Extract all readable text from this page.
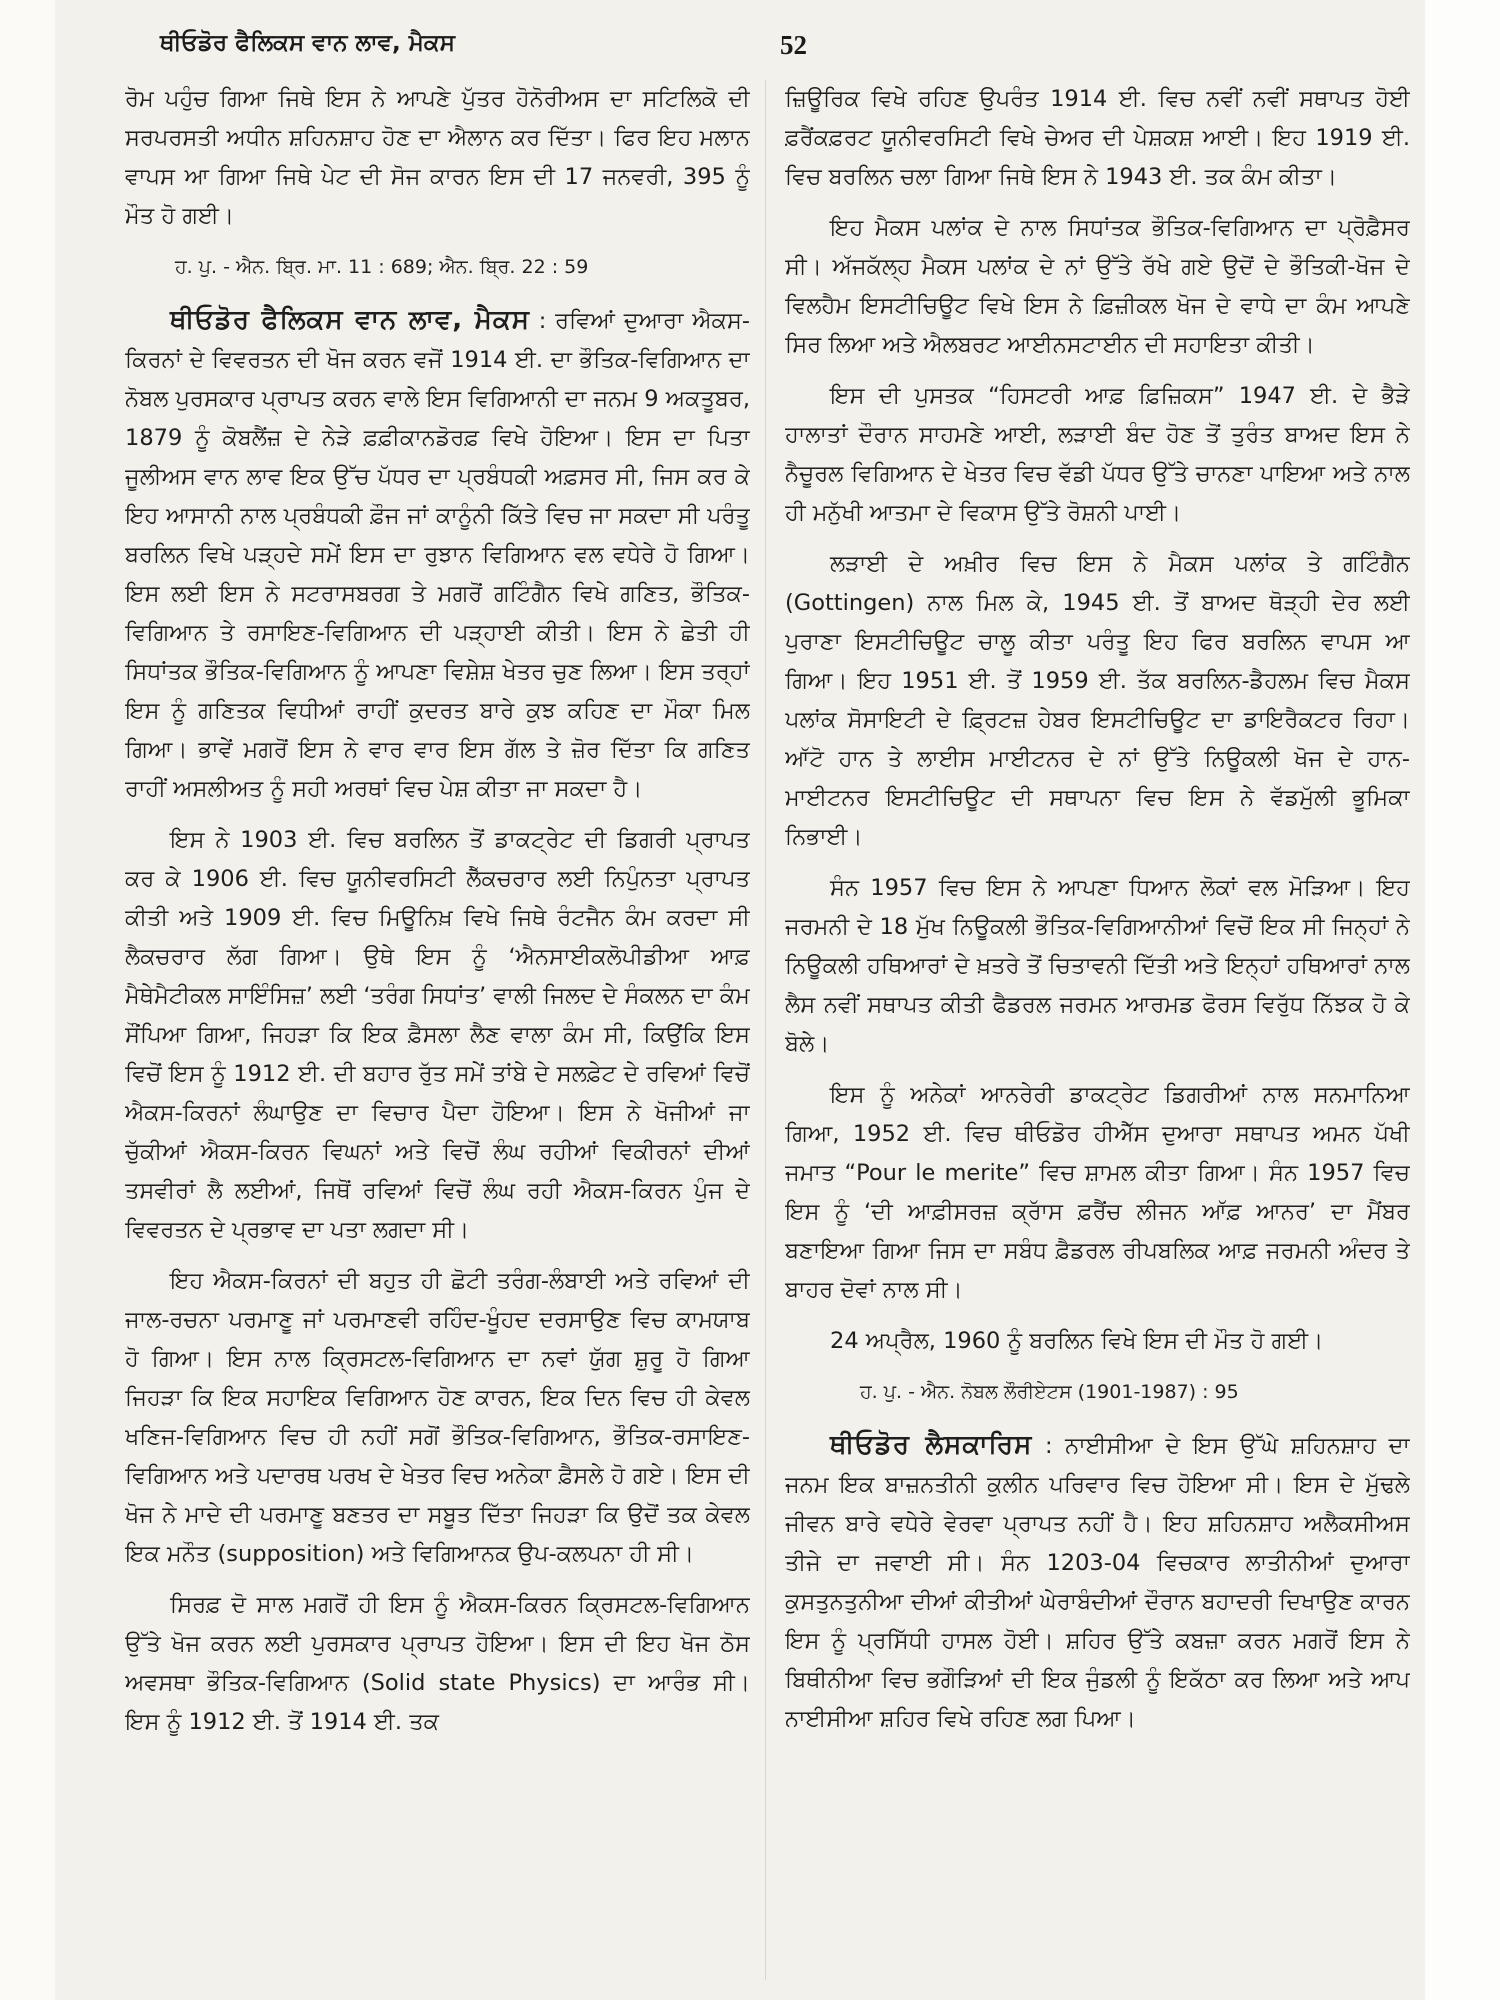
ਥੀਓਡੋਰ ਫੈਲਿਕਸ ਵਾਨ ਲਾਵ, ਮੈਕਸ	52

ਰੋਮ ਪਹੁੰਚ ਗਿਆ ਜਿਥੇ ਇਸ ਨੇ ਆਪਣੇ ਪੁੱਤਰ ਹੋਨੋਰੀਅਸ ਦਾ ਸਟਿਲਿਕੋ ਦੀ ਸਰਪਰਸਤੀ ਅਧੀਨ ਸ਼ਹਿਨਸ਼ਾਹ ਹੋਣ ਦਾ ਐਲਾਨ ਕਰ ਦਿੱਤਾ। ਫਿਰ ਇਹ ਮਲਾਨ ਵਾਪਸ ਆ ਗਿਆ ਜਿਥੇ ਪੇਟ ਦੀ ਸੋਜ ਕਾਰਨ ਇਸ ਦੀ 17 ਜਨਵਰੀ, 395 ਨੂੰ ਮੌਤ ਹੋ ਗਈ।

ਹ. ਪੁ. - ਐਨ. ਬ੍ਰਿ. ਮਾ. 11 : 689; ਐਨ. ਬ੍ਰਿ. 22 : 59

ਥੀਓਡੋਰ ਫੈਲਿਕਸ ਵਾਨ ਲਾਵ, ਮੈਕਸ : ਰਵਿਆਂ ਦੁਆਰਾ ਐਕਸ-ਕਿਰਨਾਂ ਦੇ ਵਿਵਰਤਨ ਦੀ ਖੋਜ ਕਰਨ ਵਜੋਂ 1914 ਈ. ਦਾ ਭੌਤਿਕ-ਵਿਗਿਆਨ ਦਾ ਨੋਬਲ ਪੁਰਸਕਾਰ ਪ੍ਰਾਪਤ ਕਰਨ ਵਾਲੇ ਇਸ ਵਿਗਿਆਨੀ ਦਾ ਜਨਮ 9 ਅਕਤੂਬਰ, 1879 ਨੂੰ ਕੋਬਲੈਂਜ਼ ਦੇ ਨੇੜੇ ਫ਼ਫ਼ੀਕਾਨਡੋਰਫ਼ ਵਿਖੇ ਹੋਇਆ। ਇਸ ਦਾ ਪਿਤਾ ਜੂਲੀਅਸ ਵਾਨ ਲਾਵ ਇਕ ਉੱਚ ਪੱਧਰ ਦਾ ਪ੍ਰਬੰਧਕੀ ਅਫ਼ਸਰ ਸੀ, ਜਿਸ ਕਰ ਕੇ ਇਹ ਆਸਾਨੀ ਨਾਲ ਪ੍ਰਬੰਧਕੀ ਫ਼ੌਜ ਜਾਂ ਕਾਨੂੰਨੀ ਕਿੱਤੇ ਵਿਚ ਜਾ ਸਕਦਾ ਸੀ ਪਰੰਤੂ ਬਰਲਿਨ ਵਿਖੇ ਪੜ੍ਹਦੇ ਸਮੇਂ ਇਸ ਦਾ ਰੁਝਾਨ ਵਿਗਿਆਨ ਵਲ ਵਧੇਰੇ ਹੋ ਗਿਆ। ਇਸ ਲਈ ਇਸ ਨੇ ਸਟਰਾਸਬਰਗ ਤੇ ਮਗਰੋਂ ਗਟਿੰਗੈਨ ਵਿਖੇ ਗਣਿਤ, ਭੌਤਿਕ-ਵਿਗਿਆਨ ਤੇ ਰਸਾਇਣ-ਵਿਗਿਆਨ ਦੀ ਪੜ੍ਹਾਈ ਕੀਤੀ। ਇਸ ਨੇ ਛੇਤੀ ਹੀ ਸਿਧਾਂਤਕ ਭੌਤਿਕ-ਵਿਗਿਆਨ ਨੂੰ ਆਪਣਾ ਵਿਸ਼ੇਸ਼ ਖੇਤਰ ਚੁਣ ਲਿਆ। ਇਸ ਤਰ੍ਹਾਂ ਇਸ ਨੂੰ ਗਣਿਤਕ ਵਿਧੀਆਂ ਰਾਹੀਂ ਕੁਦਰਤ ਬਾਰੇ ਕੁਝ ਕਹਿਣ ਦਾ ਮੌਕਾ ਮਿਲ ਗਿਆ। ਭਾਵੇਂ ਮਗਰੋਂ ਇਸ ਨੇ ਵਾਰ ਵਾਰ ਇਸ ਗੱਲ ਤੇ ਜ਼ੋਰ ਦਿੱਤਾ ਕਿ ਗਣਿਤ ਰਾਹੀਂ ਅਸਲੀਅਤ ਨੂੰ ਸਹੀ ਅਰਥਾਂ ਵਿਚ ਪੇਸ਼ ਕੀਤਾ ਜਾ ਸਕਦਾ ਹੈ।

ਇਸ ਨੇ 1903 ਈ. ਵਿਚ ਬਰਲਿਨ ਤੋਂ ਡਾਕਟ੍ਰੇਟ ਦੀ ਡਿਗਰੀ ਪ੍ਰਾਪਤ ਕਰ ਕੇ 1906 ਈ. ਵਿਚ ਯੂਨੀਵਰਸਿਟੀ ਲੈੱਕਚਰਾਰ ਲਈ ਨਿਪੁੰਨਤਾ ਪ੍ਰਾਪਤ ਕੀਤੀ ਅਤੇ 1909 ਈ. ਵਿਚ ਮਿਊਨਿਖ਼ ਵਿਖੇ ਜਿਥੇ ਰੰਟਜੈਨ ਕੰਮ ਕਰਦਾ ਸੀ ਲੈਕਚਰਾਰ ਲੱਗ ਗਿਆ। ਉਥੇ ਇਸ ਨੂੰ ‘ਐਨਸਾਈਕਲੋਪੀਡੀਆ ਆਫ਼ ਮੈਥੇਮੈਟੀਕਲ ਸਾਇੰਸਿਜ਼’ ਲਈ ‘ਤਰੰਗ ਸਿਧਾਂਤ’ ਵਾਲੀ ਜਿਲਦ ਦੇ ਸੰਕਲਨ ਦਾ ਕੰਮ ਸੌਂਪਿਆ ਗਿਆ, ਜਿਹੜਾ ਕਿ ਇਕ ਫ਼ੈਸਲਾ ਲੈਣ ਵਾਲਾ ਕੰਮ ਸੀ, ਕਿਉਂਕਿ ਇਸ ਵਿਚੋਂ ਇਸ ਨੂੰ 1912 ਈ. ਦੀ ਬਹਾਰ ਰੁੱਤ ਸਮੇਂ ਤਾਂਬੇ ਦੇ ਸਲਫ਼ੇਟ ਦੇ ਰਵਿਆਂ ਵਿਚੋਂ ਐਕਸ-ਕਿਰਨਾਂ ਲੰਘਾਉਣ ਦਾ ਵਿਚਾਰ ਪੈਦਾ ਹੋਇਆ। ਇਸ ਨੇ ਖੋਜੀਆਂ ਜਾ ਚੁੱਕੀਆਂ ਐਕਸ-ਕਿਰਨ ਵਿਘਨਾਂ ਅਤੇ ਵਿਚੋਂ ਲੰਘ ਰਹੀਆਂ ਵਿਕੀਰਨਾਂ ਦੀਆਂ ਤਸਵੀਰਾਂ ਲੈ ਲਈਆਂ, ਜਿਥੋਂ ਰਵਿਆਂ ਵਿਚੋਂ ਲੰਘ ਰਹੀ ਐਕਸ-ਕਿਰਨ ਪੁੰਜ ਦੇ ਵਿਵਰਤਨ ਦੇ ਪ੍ਰਭਾਵ ਦਾ ਪਤਾ ਲਗਦਾ ਸੀ।

ਇਹ ਐਕਸ-ਕਿਰਨਾਂ ਦੀ ਬਹੁਤ ਹੀ ਛੋਟੀ ਤਰੰਗ-ਲੰਬਾਈ ਅਤੇ ਰਵਿਆਂ ਦੀ ਜਾਲ-ਰਚਨਾ ਪਰਮਾਣੂ ਜਾਂ ਪਰਮਾਣਵੀ ਰਹਿੰਦ-ਖੂੰਹਦ ਦਰਸਾਉਣ ਵਿਚ ਕਾਮਯਾਬ ਹੋ ਗਿਆ। ਇਸ ਨਾਲ ਕ੍ਰਿਸਟਲ-ਵਿਗਿਆਨ ਦਾ ਨਵਾਂ ਯੁੱਗ ਸ਼ੁਰੂ ਹੋ ਗਿਆ ਜਿਹੜਾ ਕਿ ਇਕ ਸਹਾਇਕ ਵਿਗਿਆਨ ਹੋਣ ਕਾਰਨ, ਇਕ ਦਿਨ ਵਿਚ ਹੀ ਕੇਵਲ ਖਣਿਜ-ਵਿਗਿਆਨ ਵਿਚ ਹੀ ਨਹੀਂ ਸਗੋਂ ਭੌਤਿਕ-ਵਿਗਿਆਨ, ਭੌਤਿਕ-ਰਸਾਇਣ-ਵਿਗਿਆਨ ਅਤੇ ਪਦਾਰਥ ਪਰਖ ਦੇ ਖੇਤਰ ਵਿਚ ਅਨੇਕਾ ਫ਼ੈਸਲੇ ਹੋ ਗਏ। ਇਸ ਦੀ ਖੋਜ ਨੇ ਮਾਦੇ ਦੀ ਪਰਮਾਣੂ ਬਣਤਰ ਦਾ ਸਬੂਤ ਦਿੱਤਾ ਜਿਹੜਾ ਕਿ ਉਦੋਂ ਤਕ ਕੇਵਲ ਇਕ ਮਨੌਤ (supposition) ਅਤੇ ਵਿਗਿਆਨਕ ਉਪ-ਕਲਪਨਾ ਹੀ ਸੀ।

ਸਿਰਫ਼ ਦੋ ਸਾਲ ਮਗਰੋਂ ਹੀ ਇਸ ਨੂੰ ਐਕਸ-ਕਿਰਨ ਕ੍ਰਿਸਟਲ-ਵਿਗਿਆਨ ਉੱਤੇ ਖੋਜ ਕਰਨ ਲਈ ਪੁਰਸਕਾਰ ਪ੍ਰਾਪਤ ਹੋਇਆ। ਇਸ ਦੀ ਇਹ ਖੋਜ ਠੋਸ ਅਵਸਥਾ ਭੌਤਿਕ-ਵਿਗਿਆਨ (Solid state Physics) ਦਾ ਆਰੰਭ ਸੀ। ਇਸ ਨੂੰ 1912 ਈ. ਤੋਂ 1914 ਈ. ਤਕ

ਜ਼ਿਊਰਿਕ ਵਿਖੇ ਰਹਿਣ ਉਪਰੰਤ 1914 ਈ. ਵਿਚ ਨਵੀਂ ਨਵੀਂ ਸਥਾਪਤ ਹੋਈ ਫ਼ਰੈਂਕਫ਼ਰਟ ਯੂਨੀਵਰਸਿਟੀ ਵਿਖੇ ਚੇਅਰ ਦੀ ਪੇਸ਼ਕਸ਼ ਆਈ। ਇਹ 1919 ਈ. ਵਿਚ ਬਰਲਿਨ ਚਲਾ ਗਿਆ ਜਿਥੇ ਇਸ ਨੇ 1943 ਈ. ਤਕ ਕੰਮ ਕੀਤਾ।

ਇਹ ਮੈਕਸ ਪਲਾਂਕ ਦੇ ਨਾਲ ਸਿਧਾਂਤਕ ਭੌਤਿਕ-ਵਿਗਿਆਨ ਦਾ ਪ੍ਰੋਫ਼ੈਸਰ ਸੀ। ਅੱਜਕੱਲ੍ਹ ਮੈਕਸ ਪਲਾਂਕ ਦੇ ਨਾਂ ਉੱਤੇ ਰੱਖੇ ਗਏ ਉਦੋਂ ਦੇ ਭੌਤਿਕੀ-ਖੋਜ ਦੇ ਵਿਲਹੈਮ ਇਸਟੀਚਿਊਟ ਵਿਖੇ ਇਸ ਨੇ ਫ਼ਿਜ਼ੀਕਲ ਖੋਜ ਦੇ ਵਾਧੇ ਦਾ ਕੰਮ ਆਪਣੇ ਸਿਰ ਲਿਆ ਅਤੇ ਐਲਬਰਟ ਆਈਨਸਟਾਈਨ ਦੀ ਸਹਾਇਤਾ ਕੀਤੀ।

ਇਸ ਦੀ ਪੁਸਤਕ “ਹਿਸਟਰੀ ਆਫ਼ ਫ਼ਿਜ਼ਿਕਸ” 1947 ਈ. ਦੇ ਭੈੜੇ ਹਾਲਾਤਾਂ ਦੌਰਾਨ ਸਾਹਮਣੇ ਆਈ, ਲੜਾਈ ਬੰਦ ਹੋਣ ਤੋਂ ਤੁਰੰਤ ਬਾਅਦ ਇਸ ਨੇ ਨੈਚੂਰਲ ਵਿਗਿਆਨ ਦੇ ਖੇਤਰ ਵਿਚ ਵੱਡੀ ਪੱਧਰ ਉੱਤੇ ਚਾਨਣਾ ਪਾਇਆ ਅਤੇ ਨਾਲ ਹੀ ਮਨੁੱਖੀ ਆਤਮਾ ਦੇ ਵਿਕਾਸ ਉੱਤੇ ਰੋਸ਼ਨੀ ਪਾਈ।

ਲੜਾਈ ਦੇ ਅਖ਼ੀਰ ਵਿਚ ਇਸ ਨੇ ਮੈਕਸ ਪਲਾਂਕ ਤੇ ਗਟਿੰਗੈਨ (Gottingen) ਨਾਲ ਮਿਲ ਕੇ, 1945 ਈ. ਤੋਂ ਬਾਅਦ ਥੋੜ੍ਹੀ ਦੇਰ ਲਈ ਪੁਰਾਣਾ ਇਸਟੀਚਿਊਟ ਚਾਲੂ ਕੀਤਾ ਪਰੰਤੂ ਇਹ ਫਿਰ ਬਰਲਿਨ ਵਾਪਸ ਆ ਗਿਆ। ਇਹ 1951 ਈ. ਤੋਂ 1959 ਈ. ਤੱਕ ਬਰਲਿਨ-ਡੈਹਲਮ ਵਿਚ ਮੈਕਸ ਪਲਾਂਕ ਸੋਸਾਇਟੀ ਦੇ ਫ਼੍ਰਿਟਜ਼ ਹੇਬਰ ਇਸਟੀਚਿਊਟ ਦਾ ਡਾਇਰੈਕਟਰ ਰਿਹਾ। ਆੱਟੋ ਹਾਨ ਤੇ ਲਾਈਸ ਮਾਈਟਨਰ ਦੇ ਨਾਂ ਉੱਤੇ ਨਿਊਕਲੀ ਖੋਜ ਦੇ ਹਾਨ-ਮਾਈਟਨਰ ਇਸਟੀਚਿਊਟ ਦੀ ਸਥਾਪਨਾ ਵਿਚ ਇਸ ਨੇ ਵੱਡਮੁੱਲੀ ਭੂਮਿਕਾ ਨਿਭਾਈ।

ਸੰਨ 1957 ਵਿਚ ਇਸ ਨੇ ਆਪਣਾ ਧਿਆਨ ਲੋਕਾਂ ਵਲ ਮੋੜਿਆ। ਇਹ ਜਰਮਨੀ ਦੇ 18 ਮੁੱਖ ਨਿਊਕਲੀ ਭੌਤਿਕ-ਵਿਗਿਆਨੀਆਂ ਵਿਚੋਂ ਇਕ ਸੀ ਜਿਨ੍ਹਾਂ ਨੇ ਨਿਊਕਲੀ ਹਥਿਆਰਾਂ ਦੇ ਖ਼ਤਰੇ ਤੋਂ ਚਿਤਾਵਨੀ ਦਿੱਤੀ ਅਤੇ ਇਨ੍ਹਾਂ ਹਥਿਆਰਾਂ ਨਾਲ ਲੈਸ ਨਵੀਂ ਸਥਾਪਤ ਕੀਤੀ ਫੈਡਰਲ ਜਰਮਨ ਆਰਮਡ ਫੋਰਸ ਵਿਰੁੱਧ ਨਿੱਝਕ ਹੋ ਕੇ ਬੋਲੇ।

ਇਸ ਨੂੰ ਅਨੇਕਾਂ ਆਨਰੇਰੀ ਡਾਕਟ੍ਰੇਟ ਡਿਗਰੀਆਂ ਨਾਲ ਸਨਮਾਨਿਆ ਗਿਆ, 1952 ਈ. ਵਿਚ ਥੀਓਡੋਰ ਹੀਐੱਸ ਦੁਆਰਾ ਸਥਾਪਤ ਅਮਨ ਪੱਖੀ ਜਮਾਤ “Pour le merite” ਵਿਚ ਸ਼ਾਮਲ ਕੀਤਾ ਗਿਆ। ਸੰਨ 1957 ਵਿਚ ਇਸ ਨੂੰ ‘ਦੀ ਆਫ਼ੀਸਰਜ਼ ਕ੍ਰਾੱਸ ਫ਼ਰੈਂਚ ਲੀਜਨ ਆੱਫ਼ ਆਨਰ’ ਦਾ ਮੈਂਬਰ ਬਣਾਇਆ ਗਿਆ ਜਿਸ ਦਾ ਸਬੰਧ ਫ਼ੈਡਰਲ ਰੀਪਬਲਿਕ ਆਫ਼ ਜਰਮਨੀ ਅੰਦਰ ਤੇ ਬਾਹਰ ਦੋਵਾਂ ਨਾਲ ਸੀ।

24 ਅਪ੍ਰੈਲ, 1960 ਨੂੰ ਬਰਲਿਨ ਵਿਖੇ ਇਸ ਦੀ ਮੌਤ ਹੋ ਗਈ।

ਹ. ਪੁ. - ਐਨ. ਨੋਬਲ ਲੌਰੀਏਟਸ (1901-1987) : 95

ਥੀਓਡੋਰ ਲੈਸਕਾਰਿਸ : ਨਾਈਸੀਆ ਦੇ ਇਸ ਉੱਘੇ ਸ਼ਹਿਨਸ਼ਾਹ ਦਾ ਜਨਮ ਇਕ ਬਾਜ਼ਨਤੀਨੀ ਕੁਲੀਨ ਪਰਿਵਾਰ ਵਿਚ ਹੋਇਆ ਸੀ। ਇਸ ਦੇ ਮੁੱਢਲੇ ਜੀਵਨ ਬਾਰੇ ਵਧੇਰੇ ਵੇਰਵਾ ਪ੍ਰਾਪਤ ਨਹੀਂ ਹੈ। ਇਹ ਸ਼ਹਿਨਸ਼ਾਹ ਅਲੈਕਸੀਅਸ ਤੀਜੇ ਦਾ ਜਵਾਈ ਸੀ। ਸੰਨ 1203-04 ਵਿਚਕਾਰ ਲਾਤੀਨੀਆਂ ਦੁਆਰਾ ਕੁਸਤੁਨਤੁਨੀਆ ਦੀਆਂ ਕੀਤੀਆਂ ਘੇਰਾਬੰਦੀਆਂ ਦੌਰਾਨ ਬਹਾਦਰੀ ਦਿਖਾਉਣ ਕਾਰਨ ਇਸ ਨੂੰ ਪ੍ਰਸਿੱਧੀ ਹਾਸਲ ਹੋਈ। ਸ਼ਹਿਰ ਉੱਤੇ ਕਬਜ਼ਾ ਕਰਨ ਮਗਰੋਂ ਇਸ ਨੇ ਬਿਥੀਨੀਆ ਵਿਚ ਭਗੌੜਿਆਂ ਦੀ ਇਕ ਜੁੰਡਲੀ ਨੂੰ ਇਕੱਠਾ ਕਰ ਲਿਆ ਅਤੇ ਆਪ ਨਾਈਸੀਆ ਸ਼ਹਿਰ ਵਿਖੇ ਰਹਿਣ ਲਗ ਪਿਆ।
